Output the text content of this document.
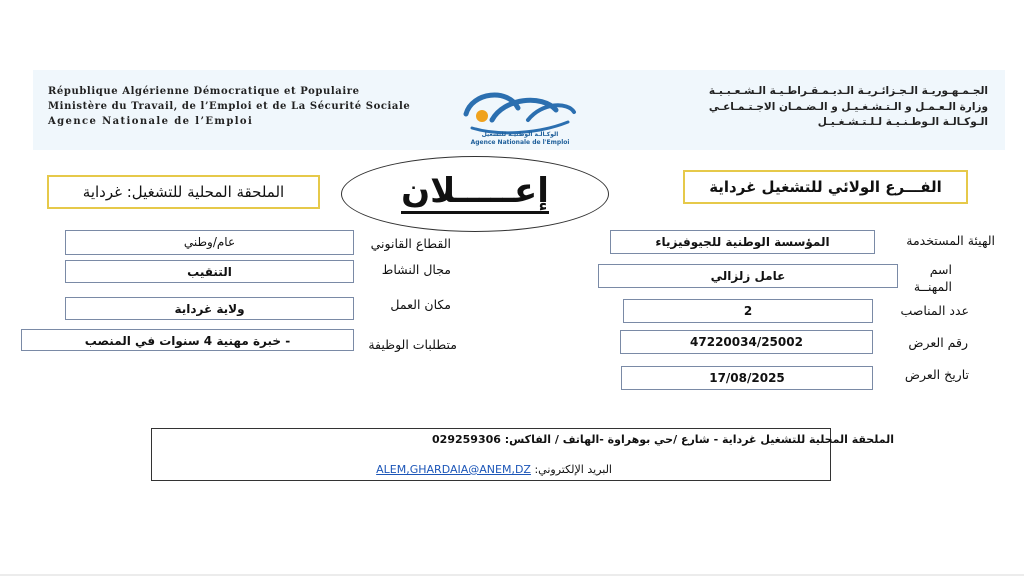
République Algérienne Démocratique et Populaire
Ministère du Travail, de l’Emploi et de La Sécurité Sociale
Agence Nationale de l’Emploi
الجـمـهـوريـة الـجـزائـريـة الـديـمـقـراطـيـة الـشـعـبـيـة
وزارة الـعـمـل و الـتـشـغـيـل و الـضـمـان الاجـتـمـاعـي
الـوكـالـة الـوطـنـيـة لـلـتـشـغـيـل
الوكـالـة الوطنيـة للتشغيل
Agence Nationale de l'Emploi
الملحقة المحلية للتشغيل: غرداية	الفـــرع الولائي للتشغيل غرداية
إعـــــلان
الهيئة المستخدمة
المؤسسة الوطنية للجيوفيزياء
اسم
المهنــة
عامل زلزالي
عدد المناصب
2
رقم العرض
47220034/25002
تاريخ العرض
17/08/2025
القطاع القانوني
عام/وطني
مجال النشاط
التنقيب
مكان العمل
ولاية غرداية
متطلبات الوظيفة
- خبرة مهنية 4 سنوات في المنصب
الملحقة المحلية للتشغيل غرداية - شارع /حي بوهراوة -الهاتف / الفاكس: 029259306
البريد الإلكتروني: ALEM,GHARDAIA@ANEM,DZ
